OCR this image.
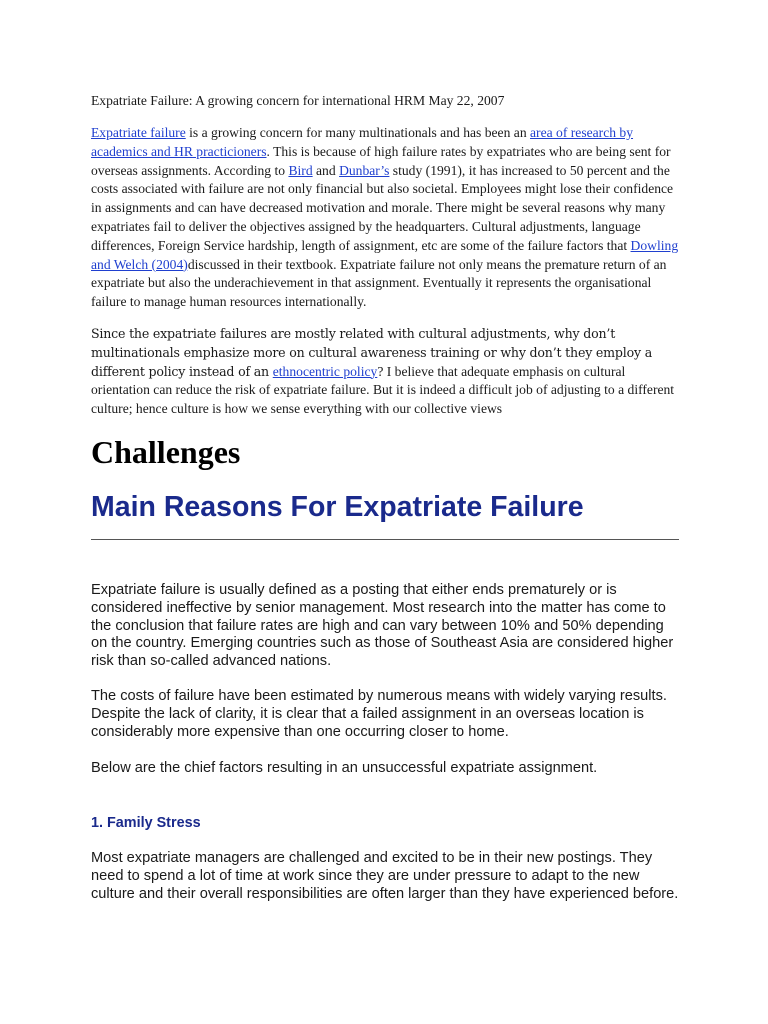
Expatriate Failure: A growing concern for international HRM May 22, 2007

Expatriate failure is a growing concern for many multinationals and has been an area of research by academics and HR practicioners. This is because of high failure rates by expatriates who are being sent for overseas assignments. According to Bird and Dunbar’s study (1991), it has increased to 50 percent and the costs associated with failure are not only financial but also societal. Employees might lose their confidence in assignments and can have decreased motivation and morale. There might be several reasons why many expatriates fail to deliver the objectives assigned by the headquarters. Cultural adjustments, language differences, Foreign Service hardship, length of assignment, etc are some of the failure factors that Dowling and Welch (2004)discussed in their textbook. Expatriate failure not only means the premature return of an expatriate but also the underachievement in that assignment. Eventually it represents the organisational failure to manage human resources internationally.

Since the expatriate failures are mostly related with cultural adjustments, why don’t multinationals emphasize more on cultural awareness training or why don’t they employ a different policy instead of an ethnocentric policy? I believe that adequate emphasis on cultural orientation can reduce the risk of expatriate failure. But it is indeed a difficult job of adjusting to a different culture; hence culture is how we sense everything with our collective views

Challenges
Main Reasons For Expatriate Failure

Expatriate failure is usually defined as a posting that either ends prematurely or is considered ineffective by senior management. Most research into the matter has come to the conclusion that failure rates are high and can vary between 10% and 50% depending on the country. Emerging countries such as those of Southeast Asia are considered higher risk than so-called advanced nations.

The costs of failure have been estimated by numerous means with widely varying results. Despite the lack of clarity, it is clear that a failed assignment in an overseas location is considerably more expensive than one occurring closer to home.

Below are the chief factors resulting in an unsuccessful expatriate assignment.

1. Family Stress

Most expatriate managers are challenged and excited to be in their new postings. They need to spend a lot of time at work since they are under pressure to adapt to the new culture and their overall responsibilities are often larger than they have experienced before.
